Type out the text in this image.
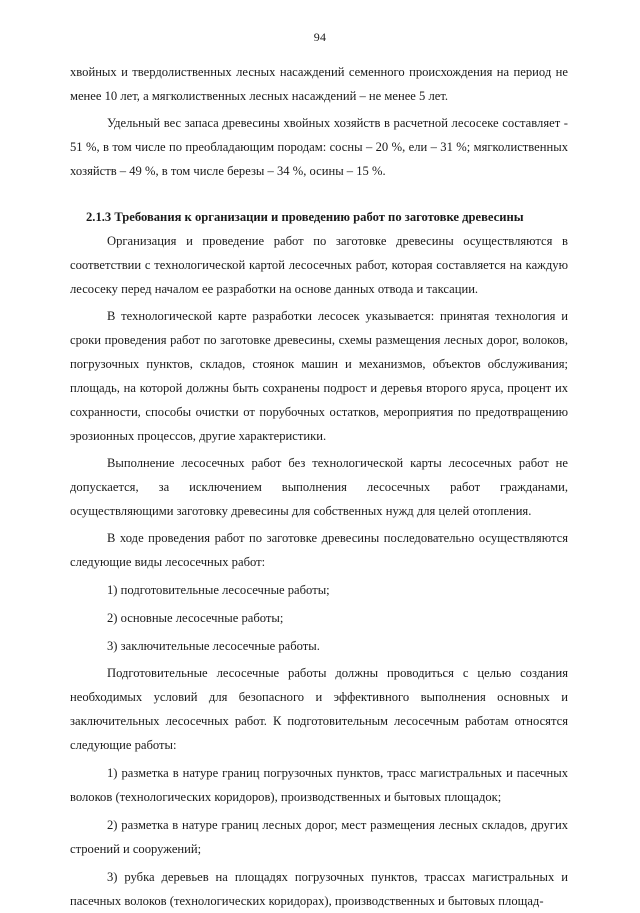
94

хвойных и твердолиственных лесных насаждений семенного происхождения на период не менее 10 лет, а мягколиственных лесных насаждений – не менее 5 лет.

Удельный вес запаса древесины хвойных хозяйств в расчетной лесосеке составляет - 51 %, в том числе по преобладающим породам: сосны – 20 %, ели – 31 %; мягколиственных хозяйств – 49 %, в том числе березы – 34 %, осины – 15 %.

2.1.3 Требования к организации и проведению работ по заготовке древесины

Организация и проведение работ по заготовке древесины осуществляются в соответствии с технологической картой лесосечных работ, которая составляется на каждую лесосеку перед началом ее разработки на основе данных отвода и таксации.

В технологической карте разработки лесосек указывается: принятая технология и сроки проведения работ по заготовке древесины, схемы размещения лесных дорог, волоков, погрузочных пунктов, складов, стоянок машин и механизмов, объектов обслуживания; площадь, на которой должны быть сохранены подрост и деревья второго яруса, процент их сохранности, способы очистки от порубочных остатков, мероприятия по предотвращению эрозионных процессов, другие характеристики.

Выполнение лесосечных работ без технологической карты лесосечных работ не допускается, за исключением выполнения лесосечных работ гражданами, осуществляющими заготовку древесины для собственных нужд для целей отопления.

В ходе проведения работ по заготовке древесины последовательно осуществляются следующие виды лесосечных работ:

1) подготовительные лесосечные работы;

2) основные лесосечные работы;

3) заключительные лесосечные работы.

Подготовительные лесосечные работы должны проводиться с целью создания необходимых условий для безопасного и эффективного выполнения основных и заключительных лесосечных работ. К подготовительным лесосечным работам относятся следующие работы:

1) разметка в натуре границ погрузочных пунктов, трасс магистральных и пасечных волоков (технологических коридоров), производственных и бытовых площадок;

2) разметка в натуре границ лесных дорог, мест размещения лесных складов, других строений и сооружений;

3) рубка деревьев на площадях погрузочных пунктов, трассах магистральных и пасечных волоков (технологических коридорах), производственных и бытовых площад-
